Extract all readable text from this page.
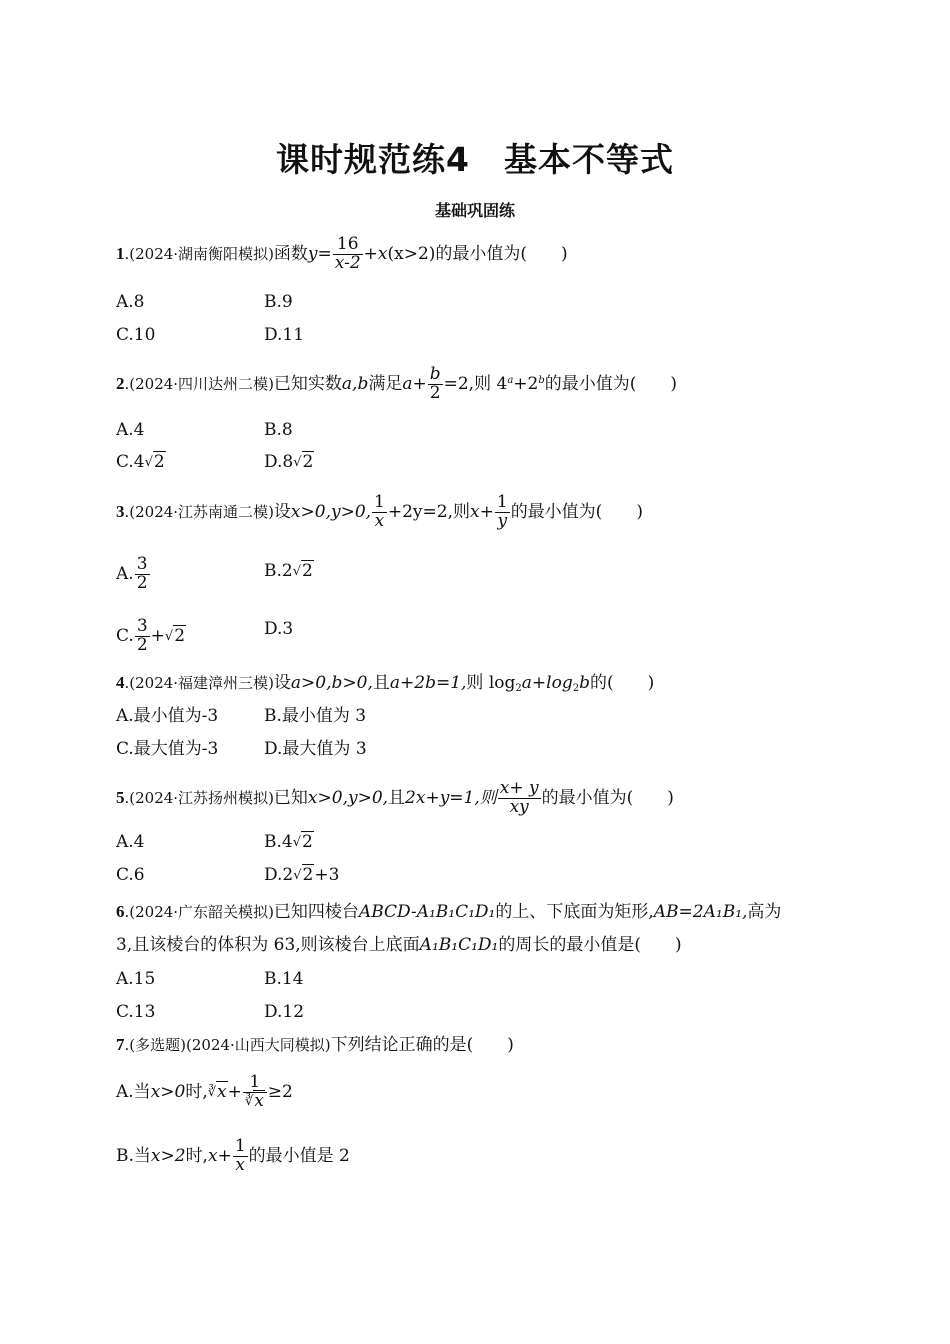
课时规范练4 基本不等式
基础巩固练
1.(2024·湖南衡阳模拟)函数$y= \frac{16}{x-2} +x(x>2)$的最小值为( )
A.8	B.9
C.10	D.11
2.(2024·四川达州二模)已知实数a,b满足$a+ \frac{b}{2} =2$,则 $4^a+2^b$的最小值为( )
A.4	B.8
C.4√2	D.8√2
3.(2024·江苏南通二模)设x>0,y>0, $\frac{1}{x} +2y=2$,则$x+ \frac{1}{y}$ 的最小值为( )
A. $\frac{3}{2}$	B.2√2
C. $\frac{3}{2} +√2$	D.3
4.(2024·福建漳州三模)设a>0,b>0,且a+2b=1,则 $\log_2a+\log_2b$的( )
A.最小值为-3	B.最小值为 3
C.最大值为-3	D.最大值为 3
5.(2024·江苏扬州模拟)已知x>0,y>0,且2x+y=1,则 $\frac{x+ y}{xy}$ 的最小值为( )
A.4	B.4√2
C.6	D.2√2+3
6.(2024·广东韶关模拟)已知四棱台ABCD-A₁B₁C₁D₁的上、下底面为矩形,AB=2A₁B₁,高为
3,且该棱台的体积为 63,则该棱台上底面A₁B₁C₁D₁的周长的最小值是( )
A.15	B.14
C.13	D.12
7.(多选题)(2024·山西大同模拟)下列结论正确的是( )
A.当x>0时,∛x+ $\frac{1}{∛x} \ge 2$
B.当x>2时$,x+ \frac{1}{x}$ 的最小值是 2
